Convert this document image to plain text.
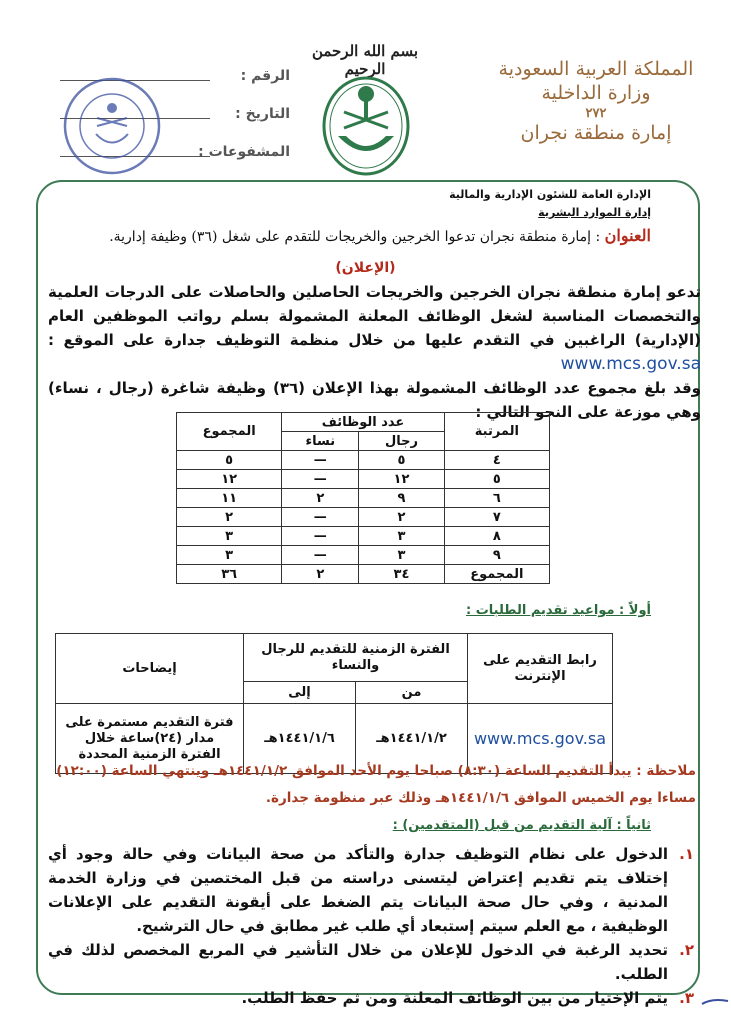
المملكة العربية السعودية
وزارة الداخلية
٢٧٢
إمارة منطقة نجران
بسم الله الرحمن الرحيم
الرقم :
التاريخ :
المشفوعات :
الإدارة العامة للشئون الإدارية والمالية
إدارة الموارد البشرية
العنوان : إمارة منطقة نجران تدعوا الخرجين والخريجات للتقدم على شغل (٣٦) وظيفة إدارية.
(الإعلان)
تدعو إمارة منطقة نجران الخرجين والخريجات الحاصلين والحاصلات على الدرجات العلمية والتخصصات المناسبة لشغل الوظائف المعلنة المشمولة بسلم رواتب الموظفين العام (الإدارية) الراغبين في التقدم عليها من خلال منظمة التوظيف جدارة على الموقع : www.mcs.gov.sa
وقد بلغ مجموع عدد الوظائف المشمولة بهذا الإعلان (٣٦) وظيفة شاغرة (رجال ، نساء) وهي موزعة على النحو التالي :
المرتبة	عدد الوظائف		المجموع
	رجال	نساء	
٤	٥	—	٥
٥	١٢	—	١٢
٦	٩	٢	١١
٧	٢	—	٢
٨	٣	—	٣
٩	٣	—	٣
المجموع	٣٤	٢	٣٦
أولاً : مواعيد تقديم الطلبات :
رابط التقديم على الإنترنت	الفترة الزمنية للتقديم للرجال والنساء		إيضاحات
	من	إلى	
www.mcs.gov.sa	١٤٤١/١/٢هـ	١٤٤١/١/٦هـ	فترة التقديم مستمرة على مدار (٢٤)ساعة خلال الفترة الزمنية المحددة
ملاحظة : يبدأ التقديم الساعة (٨:٣٠) صباحا يوم الأحد الموافق ١٤٤١/١/٢هـ وينتهي الساعة (١٢:٠٠) مساءا يوم الخميس الموافق ١٤٤١/١/٦هـ وذلك عبر منظومة جدارة.
ثانياً : آلية التقديم من قبل (المتقدمين) :
١.
الدخول على نظام التوظيف جدارة والتأكد من صحة البيانات وفي حالة وجود أي إختلاف يتم تقديم إعتراض ليتسنى دراسته من قبل المختصين في وزارة الخدمة المدنية ، وفي حال صحة البيانات يتم الضغط على أيقونة التقديم على الإعلانات الوظيفية ، مع العلم سيتم إستبعاد أي طلب غير مطابق في حال الترشيح.
٢.
تحديد الرغبة في الدخول للإعلان من خلال التأشير في المربع المخصص لذلك في الطلب.
٣.
يتم الإختيار من بين الوظائف المعلنة ومن ثم حفظ الطلب.
